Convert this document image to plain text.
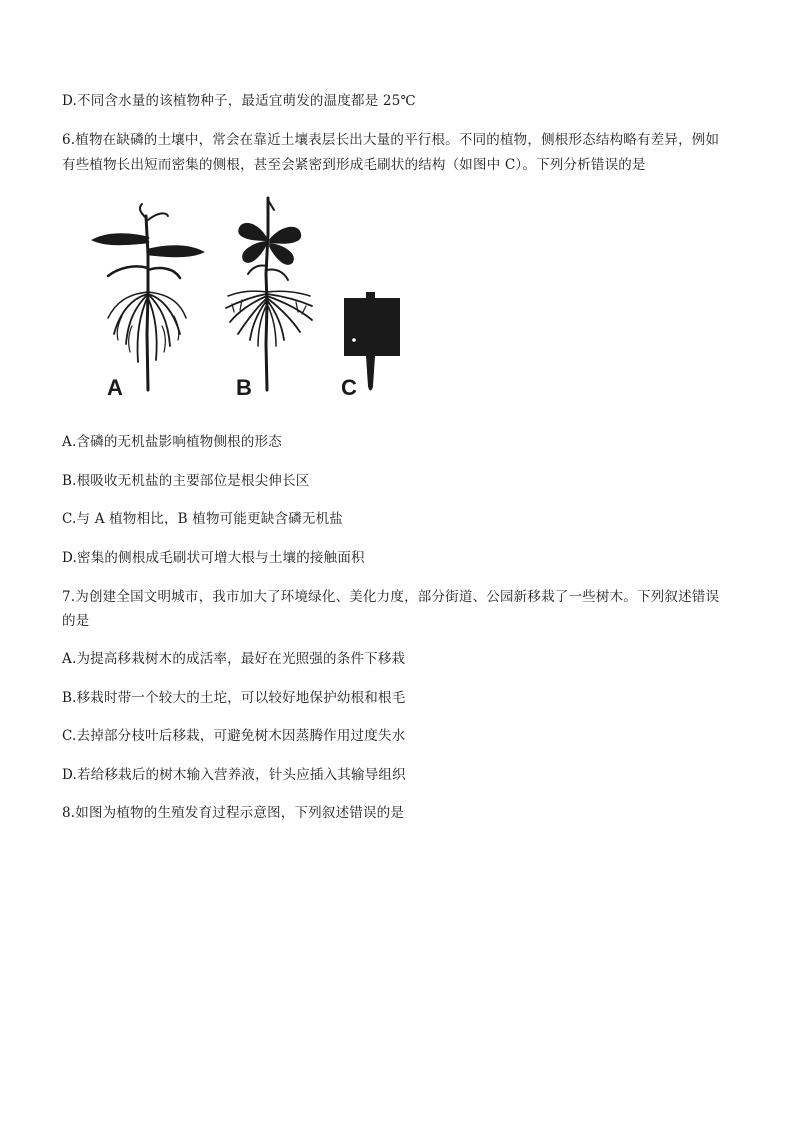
D.不同含水量的该植物种子，最适宜萌发的温度都是 25℃
6.植物在缺磷的土壤中，常会在靠近土壤表层长出大量的平行根。不同的植物，侧根形态结构略有差异，例如
有些植物长出短而密集的侧根，甚至会紧密到形成毛刷状的结构（如图中 C）。下列分析错误的是
A	B	C
A.含磷的无机盐影响植物侧根的形态
B.根吸收无机盐的主要部位是根尖伸长区
C.与 A 植物相比，B 植物可能更缺含磷无机盐
D.密集的侧根成毛刷状可增大根与土壤的接触面积
7.为创建全国文明城市，我市加大了环境绿化、美化力度，部分街道、公园新移栽了一些树木。下列叙述错误
的是
A.为提高移栽树木的成活率，最好在光照强的条件下移栽
B.移栽时带一个较大的土坨，可以较好地保护幼根和根毛
C.去掉部分枝叶后移栽，可避免树木因蒸腾作用过度失水
D.若给移栽后的树木输入营养液，针头应插入其输导组织
8.如图为植物的生殖发育过程示意图，下列叙述错误的是
